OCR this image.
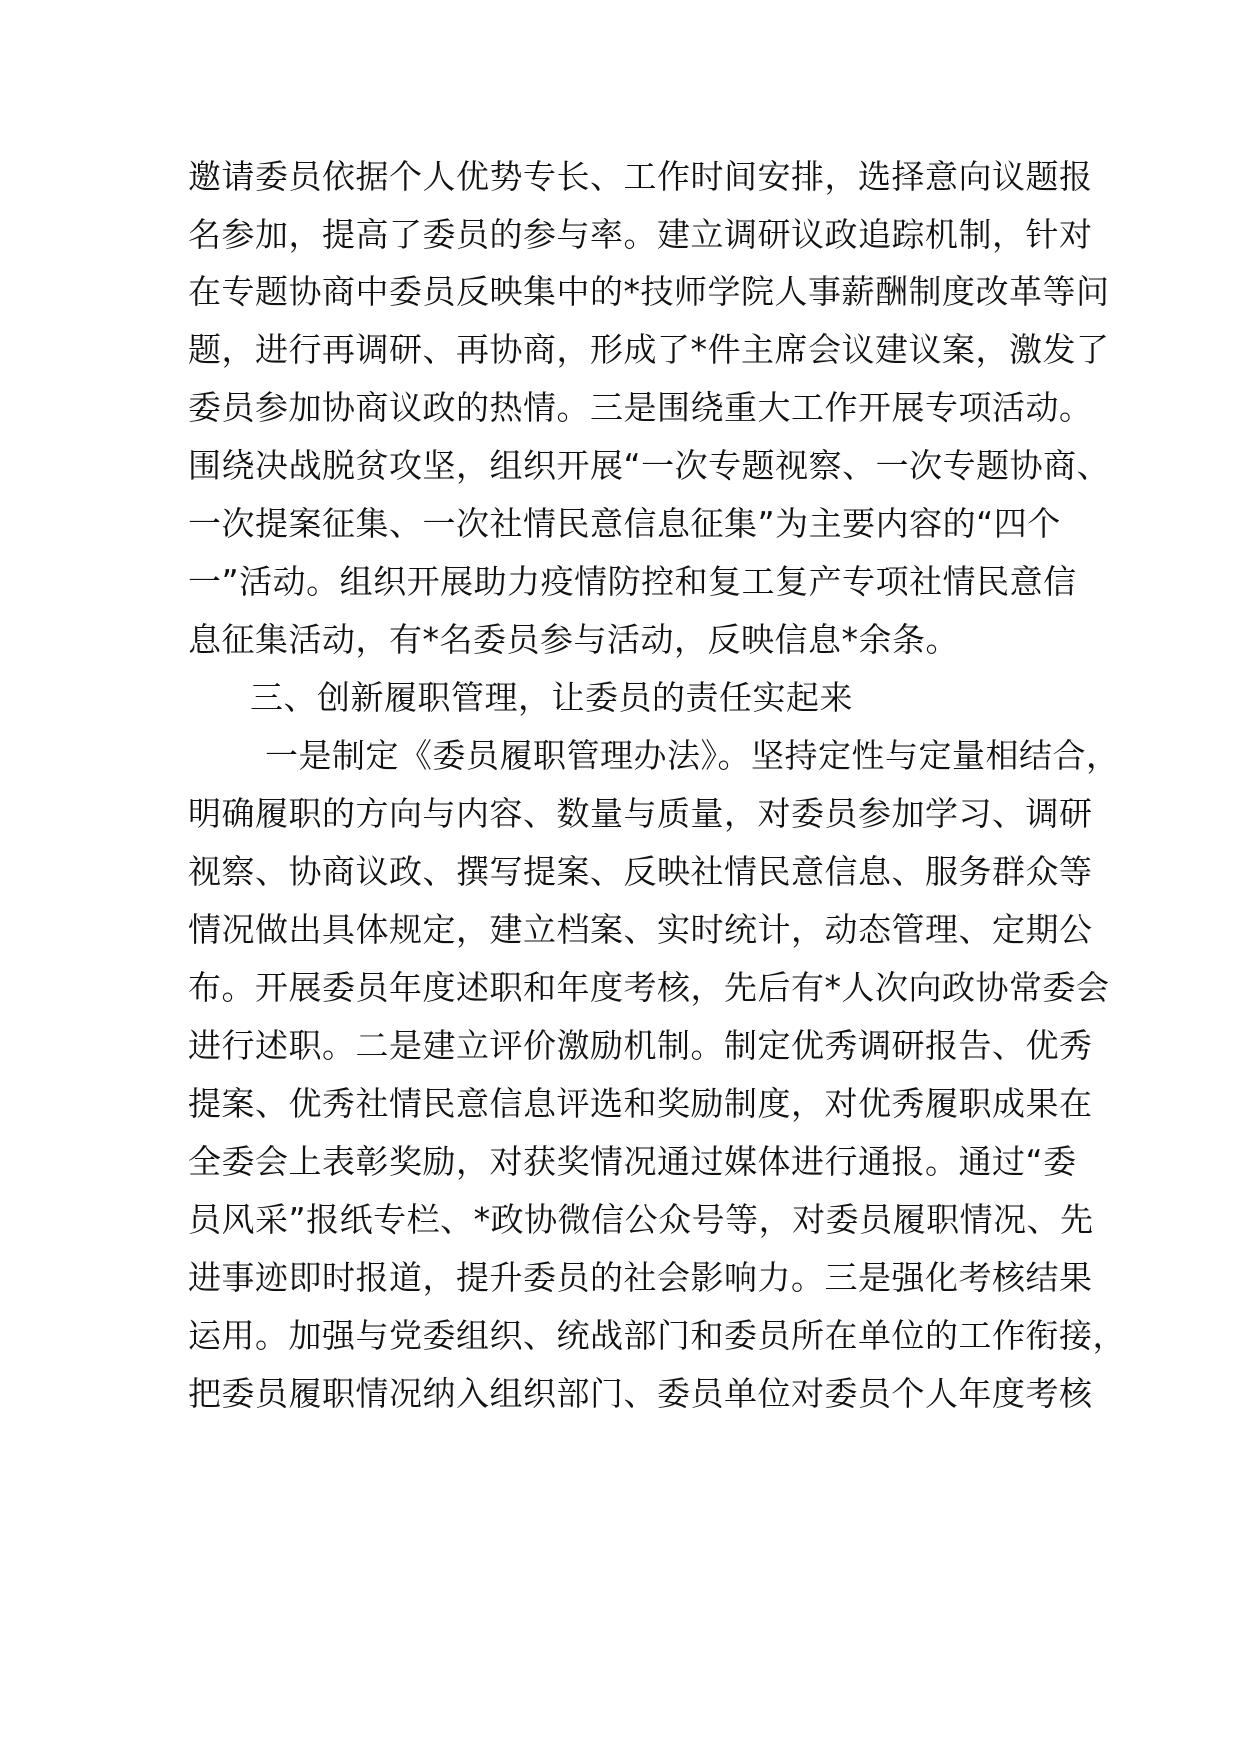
邀请委员依据个人优势专长、工作时间安排，选择意向议题报
名参加，提高了委员的参与率。建立调研议政追踪机制，针对
在专题协商中委员反映集中的*技师学院人事薪酬制度改革等问
题，进行再调研、再协商，形成了*件主席会议建议案，激发了
委员参加协商议政的热情。三是围绕重大工作开展专项活动。
围绕决战脱贫攻坚，组织开展“一次专题视察、一次专题协商、
一次提案征集、一次社情民意信息征集”为主要内容的“四个
一”活动。组织开展助力疫情防控和复工复产专项社情民意信
息征集活动，有*名委员参与活动，反映信息*余条。
三、创新履职管理，让委员的责任实起来
一是制定《委员履职管理办法》。坚持定性与定量相结合，
明确履职的方向与内容、数量与质量，对委员参加学习、调研
视察、协商议政、撰写提案、反映社情民意信息、服务群众等
情况做出具体规定，建立档案、实时统计，动态管理、定期公
布。开展委员年度述职和年度考核，先后有*人次向政协常委会
进行述职。二是建立评价激励机制。制定优秀调研报告、优秀
提案、优秀社情民意信息评选和奖励制度，对优秀履职成果在
全委会上表彰奖励，对获奖情况通过媒体进行通报。通过“委
员风采”报纸专栏、*政协微信公众号等，对委员履职情况、先
进事迹即时报道，提升委员的社会影响力。三是强化考核结果
运用。加强与党委组织、统战部门和委员所在单位的工作衔接，
把委员履职情况纳入组织部门、委员单位对委员个人年度考核
